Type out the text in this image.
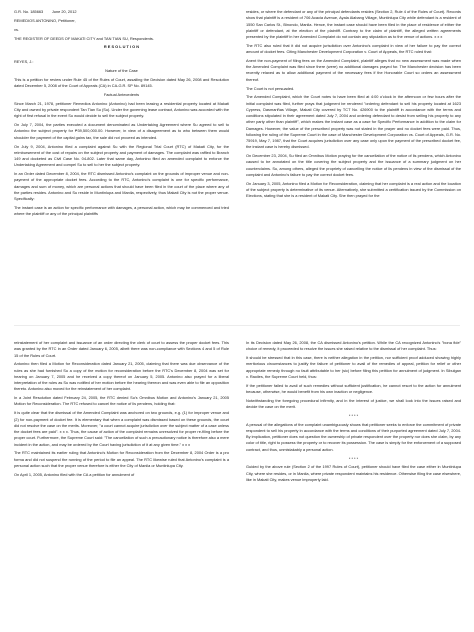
G.R. No. 185663 June 20, 2012

REMEDIOS ANTONINO, Petitioner,

vs.

THE REGISTER OF DEEDS OF MAKATI CITY and TAN TIAN SU, Respondents.

R E S O L U T I O N

REYES, J.:

Nature of the Case

This is a petition for review under Rule 45 of the Rules of Court, assailing the Decision dated May 26, 2008 and Resolution dated December 5, 2008 of the Court of Appeals (CA) in CA-G.R. SP No. 89145.

Factual Antecedents

Since March 21, 1978, petitioner Remedios Antonino (Antonino) had been leasing a residential property located at Makati City and owned by private respondent Tan Tian Su (Su). Under the governing lease contract, Antonino was accorded with the right of first refusal in the event Su would decide to sell the subject property.

On July 7, 2004, the parties executed a document denominated as Undertaking Agreement where Su agreed to sell to Antonino the subject property for ₱39,500,000.00. However, in view of a disagreement as to who between them would shoulder the payment of the capital gains tax, the sale did not proceed as intended.

On July 9, 2004, Antonino filed a complaint against Su with the Regional Trial Court (RTC) of Makati City, for the reimbursement of the cost of repairs on the subject property and payment of damages. The complaint was raffled to Branch 149 and docketed as Civil Case No. 04-802. Later that same day, Antonino filed an amended complaint to enforce the Undertaking Agreement and compel Su to sell to her the subject property.

In an Order dated December 8, 2004, the RTC dismissed Antonino's complaint on the grounds of improper venue and non-payment of the appropriate docket fees. According to the RTC, Antonino's complaint is one for specific performance, damages and sum of money, which are personal actions that should have been filed in the court of the place where any of the parties resides. Antonino and Su reside in Muntinlupa and Manila, respectively, thus Makati City is not the proper venue. Specifically:

The instant case is an action for specific performance with damages, a personal action, which may be commenced and tried where the plaintiff or any of the principal plaintiffs

resides, or where the defendant or any of the principal defendants resides (Section 2, Rule 4 of the Rules of Court). Records show that plaintiff is a resident of 706 Acacia Avenue, Ayala Alabang Village, Muntinlupa City while defendant is a resident of 1550 San Carlos St., Binondo, Manila. Hence, the instant case should have been filed in the place of residence of either the plaintiff or defendant, at the election of the plaintiff. Contrary to the claim of plaintiff, the alleged written agreements presented by the plaintiff in her Amended Complaint do not contain any stipulation as to the venue of actions. x x x

The RTC also ruled that it did not acquire jurisdiction over Antonino's complaint in view of her failure to pay the correct amount of docket fees. Citing Manchester Development Corporation v. Court of Appeals, the RTC ruled that:

Anent the non-payment of filing fees on the Amended Complaint, plaintiff alleges that no new assessment was made when the Amended Complaint was filed since there (were) no additional damages prayed for. The Manchester decision has been recently relaxed as to allow additional payment of the necessary fees if the Honorable Court so orders an assessment thereof.

The Court is not persuaded.

The Amended Complaint, which the Court notes to have been filed at 4:00 o'clock in the afternoon or few hours after the initial complaint was filed, further prays that judgment be rendered "ordering defendant to sell his property located at 1623 Cypress, Dasmariñas Village, Makati City covered by TCT No. 426900 to the plaintiff in accordance with the terms and conditions stipulated in their agreement dated July 7, 2004 and ordering defendant to desist from selling his property to any other party other than plaintiff", which makes the instant case as a case for Specific Performance in addition to the claim for Damages. However, the value of the prescribed property was not stated in the prayer and no docket fees were paid. Thus, following the ruling of the Supreme Court in the case of Manchester Development Corporation vs. Court of Appeals, G.R. No. 75919, May 7, 1987, that the Court acquires jurisdiction over any case only upon the payment of the prescribed docket fee, the instant case is hereby dismissed.

On December 23, 2004, Su filed an Omnibus Motion praying for the cancellation of the notice of lis pendens, which Antonino caused to be annotated on the title covering the subject property and the issuance of a summary judgment on her counterclaims. Su, among others, alleged the propriety of cancelling the notice of lis pendens in view of the dismissal of the complaint and Antonino's failure to pay the correct docket fees.

On January 3, 2005, Antonino filed a Motion for Reconsideration, claiming that her complaint is a real action and the location of the subject property is determinative of its venue. Alternatively, she submitted a certification issued by the Commission on Elections, stating that she is a resident of Makati City. She then prayed for the

reinstatement of her complaint and issuance of an order directing the clerk of court to assess the proper docket fees. This was granted by the RTC in an Order dated January 6, 2005, albeit there was non-compliance with Sections 4 and 5 of Rule 15 of the Rules of Court.

Antonino then filed a Motion for Reconsideration dated January 21, 2005, claiming that there was due observance of the rules as she had furnished Su a copy of the motion for reconsideration before the RTC's December 8, 2004 was set for hearing on January 7, 2005 and he received a copy thereof on January 5, 2005. Antonino also prayed for a liberal interpretation of the rules as Su was notified of her motion before the hearing thereon and was even able to file an opposition thereto. Antonino also moved for the reinstatement of her complaint.

In a Joint Resolution dated February 24, 2005, the RTC denied Su's Omnibus Motion and Antonino's January 21, 2005 Motion for Reconsideration. The RTC refused to cancel the notice of lis pendens, holding that:

It is quite clear that the dismissal of the Amended Complaint was anchored on two grounds, e.g. (1) for improper venue and (2) for non-payment of docket fee. It is elementary that when a complaint was dismissed based on these grounds, the court did not resolve the case on the merits. Moreover, "a court cannot acquire jurisdiction over the subject matter of a case unless the docket fees are paid". x x x. Thus, the cause of action of the complaint remains unresolved for proper re-filing before the proper court. Furthermore, the Supreme Court said: "The cancellation of such a precautionary notice is therefore also a mere incident in the action, and may be ordered by the Court having jurisdiction of it at any given time." x x x

The RTC maintained its earlier ruling that Antonino's Motion for Reconsideration from the December 8, 2004 Order is a pro forma and did not suspend the running of the period to file an appeal. The RTC likewise ruled that Antonino's complaint is a personal action such that the proper venue therefore is either the City of Manila or Muntinlupa City.

On April 1, 2005, Antonino filed with the CA a petition for annulment of

In its Decision dated May 26, 2008, the CA dismissed Antonino's petition. While the CA recognized Antonino's "bona fide" choice of remedy, it proceeded to resolve the issues she raised relative to the dismissal of her complaint. Thus:

It should be stressed that in this case, there is neither allegation in the petition, nor sufficient proof adduced showing highly meritorious circumstances to justify the failure of petitioner to avail of the remedies of appeal, petition for relief or other appropriate remedy through no fault attributable to her (sic) before filing this petition for annulment of judgment. In Sibulgan v. Raoiles, the Supreme Court held, thus:

If the petitioner failed to avail of such remedies without sufficient justification, he cannot resort to the action for annulment because, otherwise, he would benefit from his own inaction or negligence.

Notwithstanding the foregoing procedural infirmity, and in the interest of justice, we shall look into the issues raised and decide the case on the merit.

* * * *

A perusal of the allegations of the complaint unambiguously shows that petitioner seeks to enforce the commitment of private respondent to sell his property in accordance with the terms and conditions of their purported agreement dated July 7, 2004. By implication, petitioner does not question the ownership of private respondent over the property nor does she claim, by any color of title, right to possess the property or to recover its possession. The case is simply for the enforcement of a supposed contract, and thus, unmistakably a personal action.

* * * *

Guided by the above rule (Section 2 of the 1997 Rules of Court), petitioner should have filed the case either in Muntinlupa City, where she resides, or in Manila, where private respondent maintains his residence. Otherwise filing the case elsewhere, like in Makati City, makes venue improperly laid.
